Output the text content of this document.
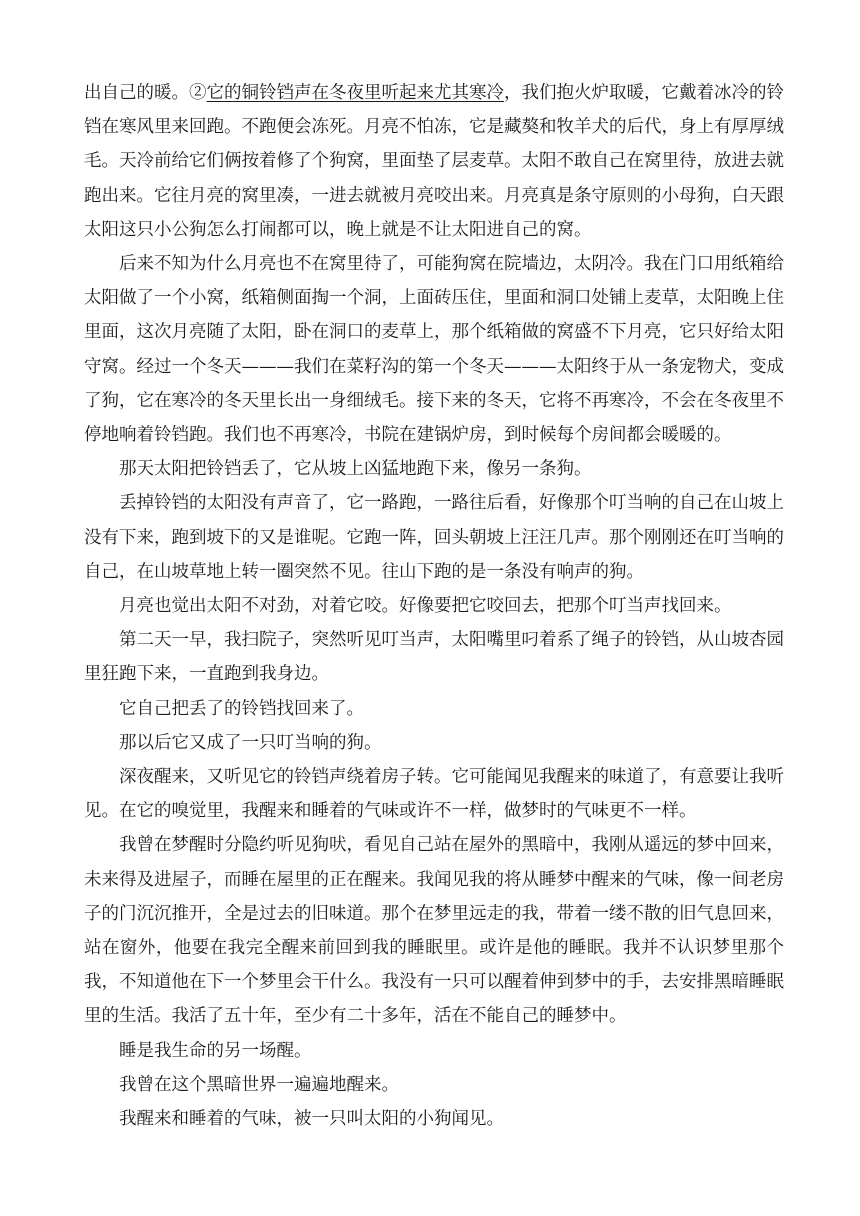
出自己的暖。②它的铜铃铛声在冬夜里听起来尤其寒冷，我们抱火炉取暖，它戴着冰冷的铃铛在寒风里来回跑。不跑便会冻死。月亮不怕冻，它是藏獒和牧羊犬的后代，身上有厚厚绒毛。天冷前给它们俩按着修了个狗窝，里面垫了层麦草。太阳不敢自己在窝里待，放进去就跑出来。它往月亮的窝里凑，一进去就被月亮咬出来。月亮真是条守原则的小母狗，白天跟太阳这只小公狗怎么打闹都可以，晚上就是不让太阳进自己的窝。

后来不知为什么月亮也不在窝里待了，可能狗窝在院墙边，太阴冷。我在门口用纸箱给太阳做了一个小窝，纸箱侧面掏一个洞，上面砖压住，里面和洞口处铺上麦草，太阳晚上住里面，这次月亮随了太阳，卧在洞口的麦草上，那个纸箱做的窝盛不下月亮，它只好给太阳守窝。经过一个冬天———我们在菜籽沟的第一个冬天———太阳终于从一条宠物犬，变成了狗，它在寒冷的冬天里长出一身细绒毛。接下来的冬天，它将不再寒冷，不会在冬夜里不停地响着铃铛跑。我们也不再寒冷，书院在建锅炉房，到时候每个房间都会暖暖的。

那天太阳把铃铛丢了，它从坡上凶猛地跑下来，像另一条狗。

丢掉铃铛的太阳没有声音了，它一路跑，一路往后看，好像那个叮当响的自己在山坡上没有下来，跑到坡下的又是谁呢。它跑一阵，回头朝坡上汪汪几声。那个刚刚还在叮当响的自己，在山坡草地上转一圈突然不见。往山下跑的是一条没有响声的狗。

月亮也觉出太阳不对劲，对着它咬。好像要把它咬回去，把那个叮当声找回来。

第二天一早，我扫院子，突然听见叮当声，太阳嘴里叼着系了绳子的铃铛，从山坡杏园里狂跑下来，一直跑到我身边。

它自己把丢了的铃铛找回来了。

那以后它又成了一只叮当响的狗。

深夜醒来，又听见它的铃铛声绕着房子转。它可能闻见我醒来的味道了，有意要让我听见。在它的嗅觉里，我醒来和睡着的气味或许不一样，做梦时的气味更不一样。

我曾在梦醒时分隐约听见狗吠，看见自己站在屋外的黑暗中，我刚从遥远的梦中回来，未来得及进屋子，而睡在屋里的正在醒来。我闻见我的将从睡梦中醒来的气味，像一间老房子的门沉沉推开，全是过去的旧味道。那个在梦里远走的我，带着一缕不散的旧气息回来，站在窗外，他要在我完全醒来前回到我的睡眠里。或许是他的睡眠。我并不认识梦里那个我，不知道他在下一个梦里会干什么。我没有一只可以醒着伸到梦中的手，去安排黑暗睡眠里的生活。我活了五十年，至少有二十多年，活在不能自己的睡梦中。

睡是我生命的另一场醒。

我曾在这个黑暗世界一遍遍地醒来。

我醒来和睡着的气味，被一只叫太阳的小狗闻见。
